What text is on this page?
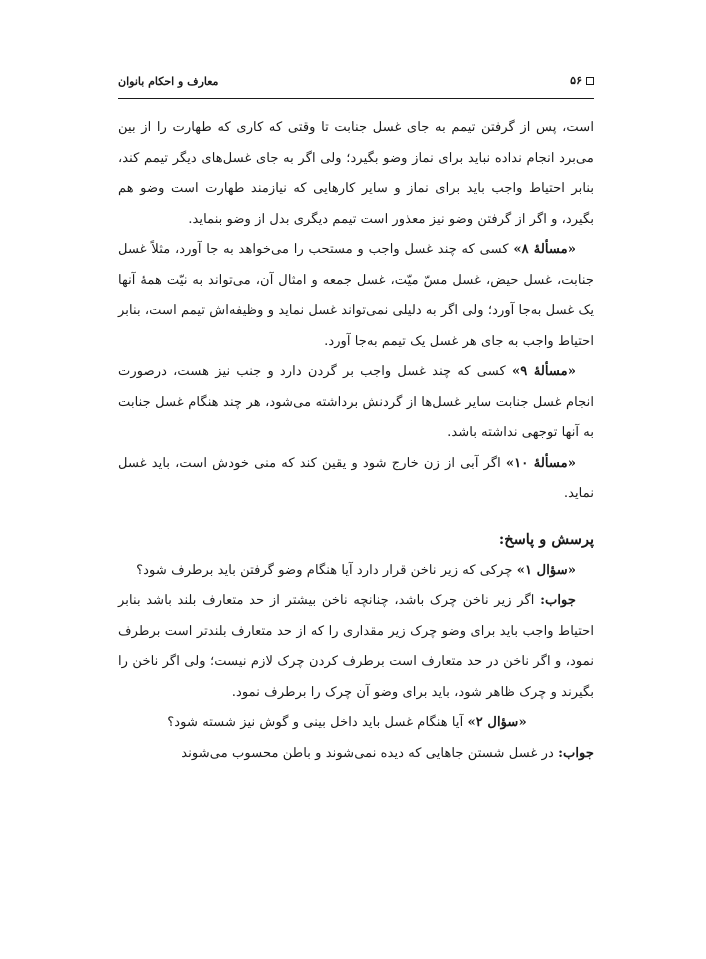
۵۶
معارف و احکام بانوان

است، پس از گرفتن تیمم به جای غسل جنابت تا وقتی که کاری که طهارت را از بین می‌برد انجام نداده نباید برای نماز وضو بگیرد؛ ولی اگر به جای غسل‌های دیگر تیمم کند، بنابر احتیاط واجب باید برای نماز و سایر کارهایی که نیازمند طهارت است وضو هم بگیرد، و اگر از گرفتن وضو نیز معذور است تیمم دیگری بدل از وضو بنماید.

«مسألهٔ ۸» کسی که چند غسل واجب و مستحب را می‌خواهد به جا آورد، مثلاً غسل جنابت، غسل حیض، غسل مسّ میّت، غسل جمعه و امثال آن، می‌تواند به نیّت همهٔ آنها یک غسل به‌جا آورد؛ ولی اگر به دلیلی نمی‌تواند غسل نماید و وظیفه‌اش تیمم است، بنابر احتیاط واجب به جای هر غسل یک تیمم به‌جا آورد.

«مسألهٔ ۹» کسی که چند غسل واجب بر گردن دارد و جنب نیز هست، درصورت انجام غسل جنابت سایر غسل‌ها از گردنش برداشته می‌شود، هر چند هنگام غسل جنابت به آنها توجهی نداشته باشد.

«مسألهٔ ۱۰» اگر آبی از زن خارج شود و یقین کند که منی خودش است، باید غسل نماید.

پرسش و پاسخ:

«سؤال ۱» چرکی که زیر ناخن قرار دارد آیا هنگام وضو گرفتن باید برطرف شود؟

جواب: اگر زیر ناخن چرک باشد، چنانچه ناخن بیشتر از حد متعارف بلند باشد بنابر احتیاط واجب باید برای وضو چرک زیر مقداری را که از حد متعارف بلندتر است برطرف نمود، و اگر ناخن در حد متعارف است برطرف کردن چرک لازم نیست؛ ولی اگر ناخن را بگیرند و چرک ظاهر شود، باید برای وضو آن چرک را برطرف نمود.

«سؤال ۲» آیا هنگام غسل باید داخل بینی و گوش نیز شسته شود؟

جواب: در غسل شستن جاهایی که دیده نمی‌شوند و باطن محسوب می‌شوند
